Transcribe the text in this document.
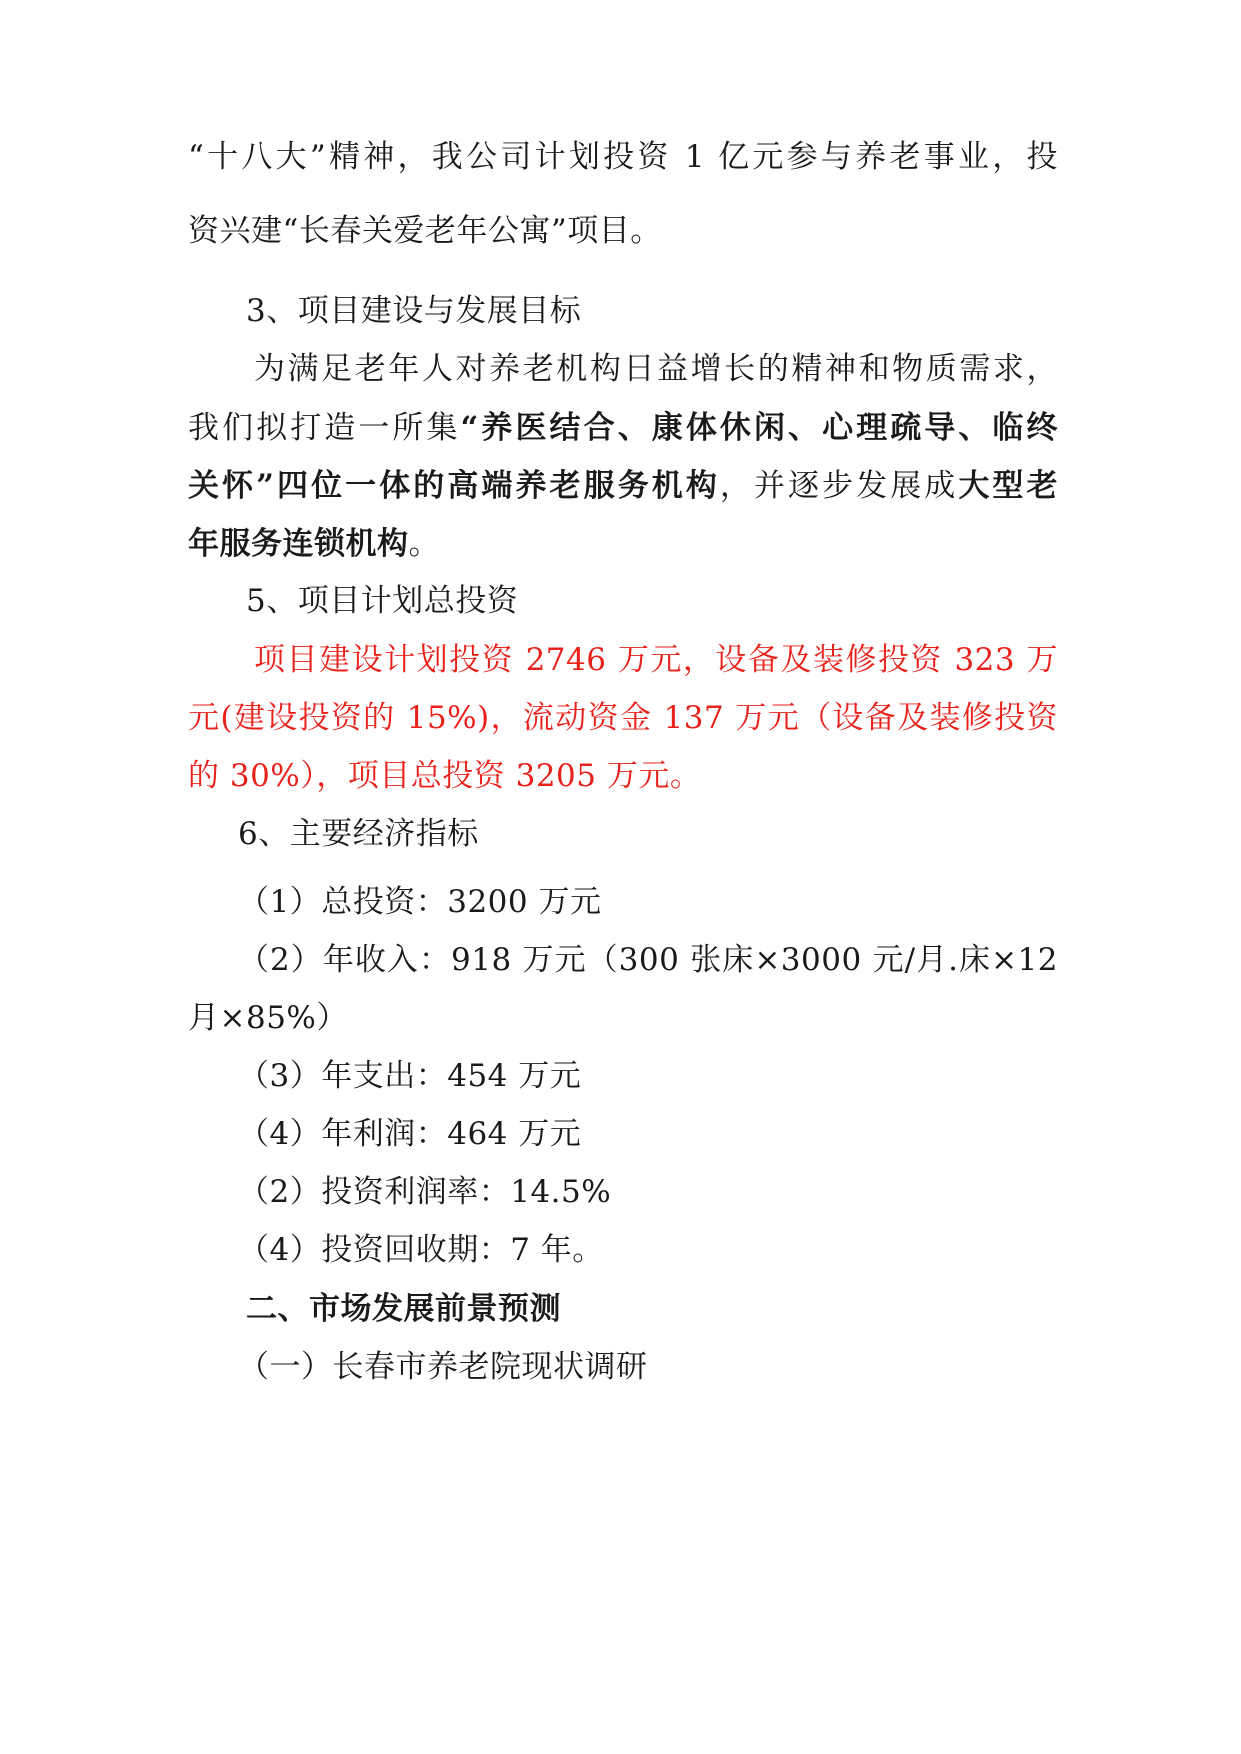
“十八大”精神，我公司计划投资 1 亿元参与养老事业，投
资兴建“长春关爱老年公寓”项目。
3、项目建设与发展目标
为满足老年人对养老机构日益增长的精神和物质需求，
我们拟打造一所集“养医结合、康体休闲、心理疏导、临终
关怀”四位一体的高端养老服务机构，并逐步发展成大型老
年服务连锁机构。
5、项目计划总投资
项目建设计划投资 2746 万元，设备及装修投资 323 万
元(建设投资的 15%)，流动资金 137 万元（设备及装修投资
的 30%），项目总投资 3205 万元。
6、主要经济指标
（1）总投资：3200 万元
（2）年收入：918 万元（300 张床×3000 元/月.床×12
月×85%）
（3）年支出：454 万元
（4）年利润：464 万元
（2）投资利润率：14.5%
（4）投资回收期：7 年。
二、市场发展前景预测
（一）长春市养老院现状调研
